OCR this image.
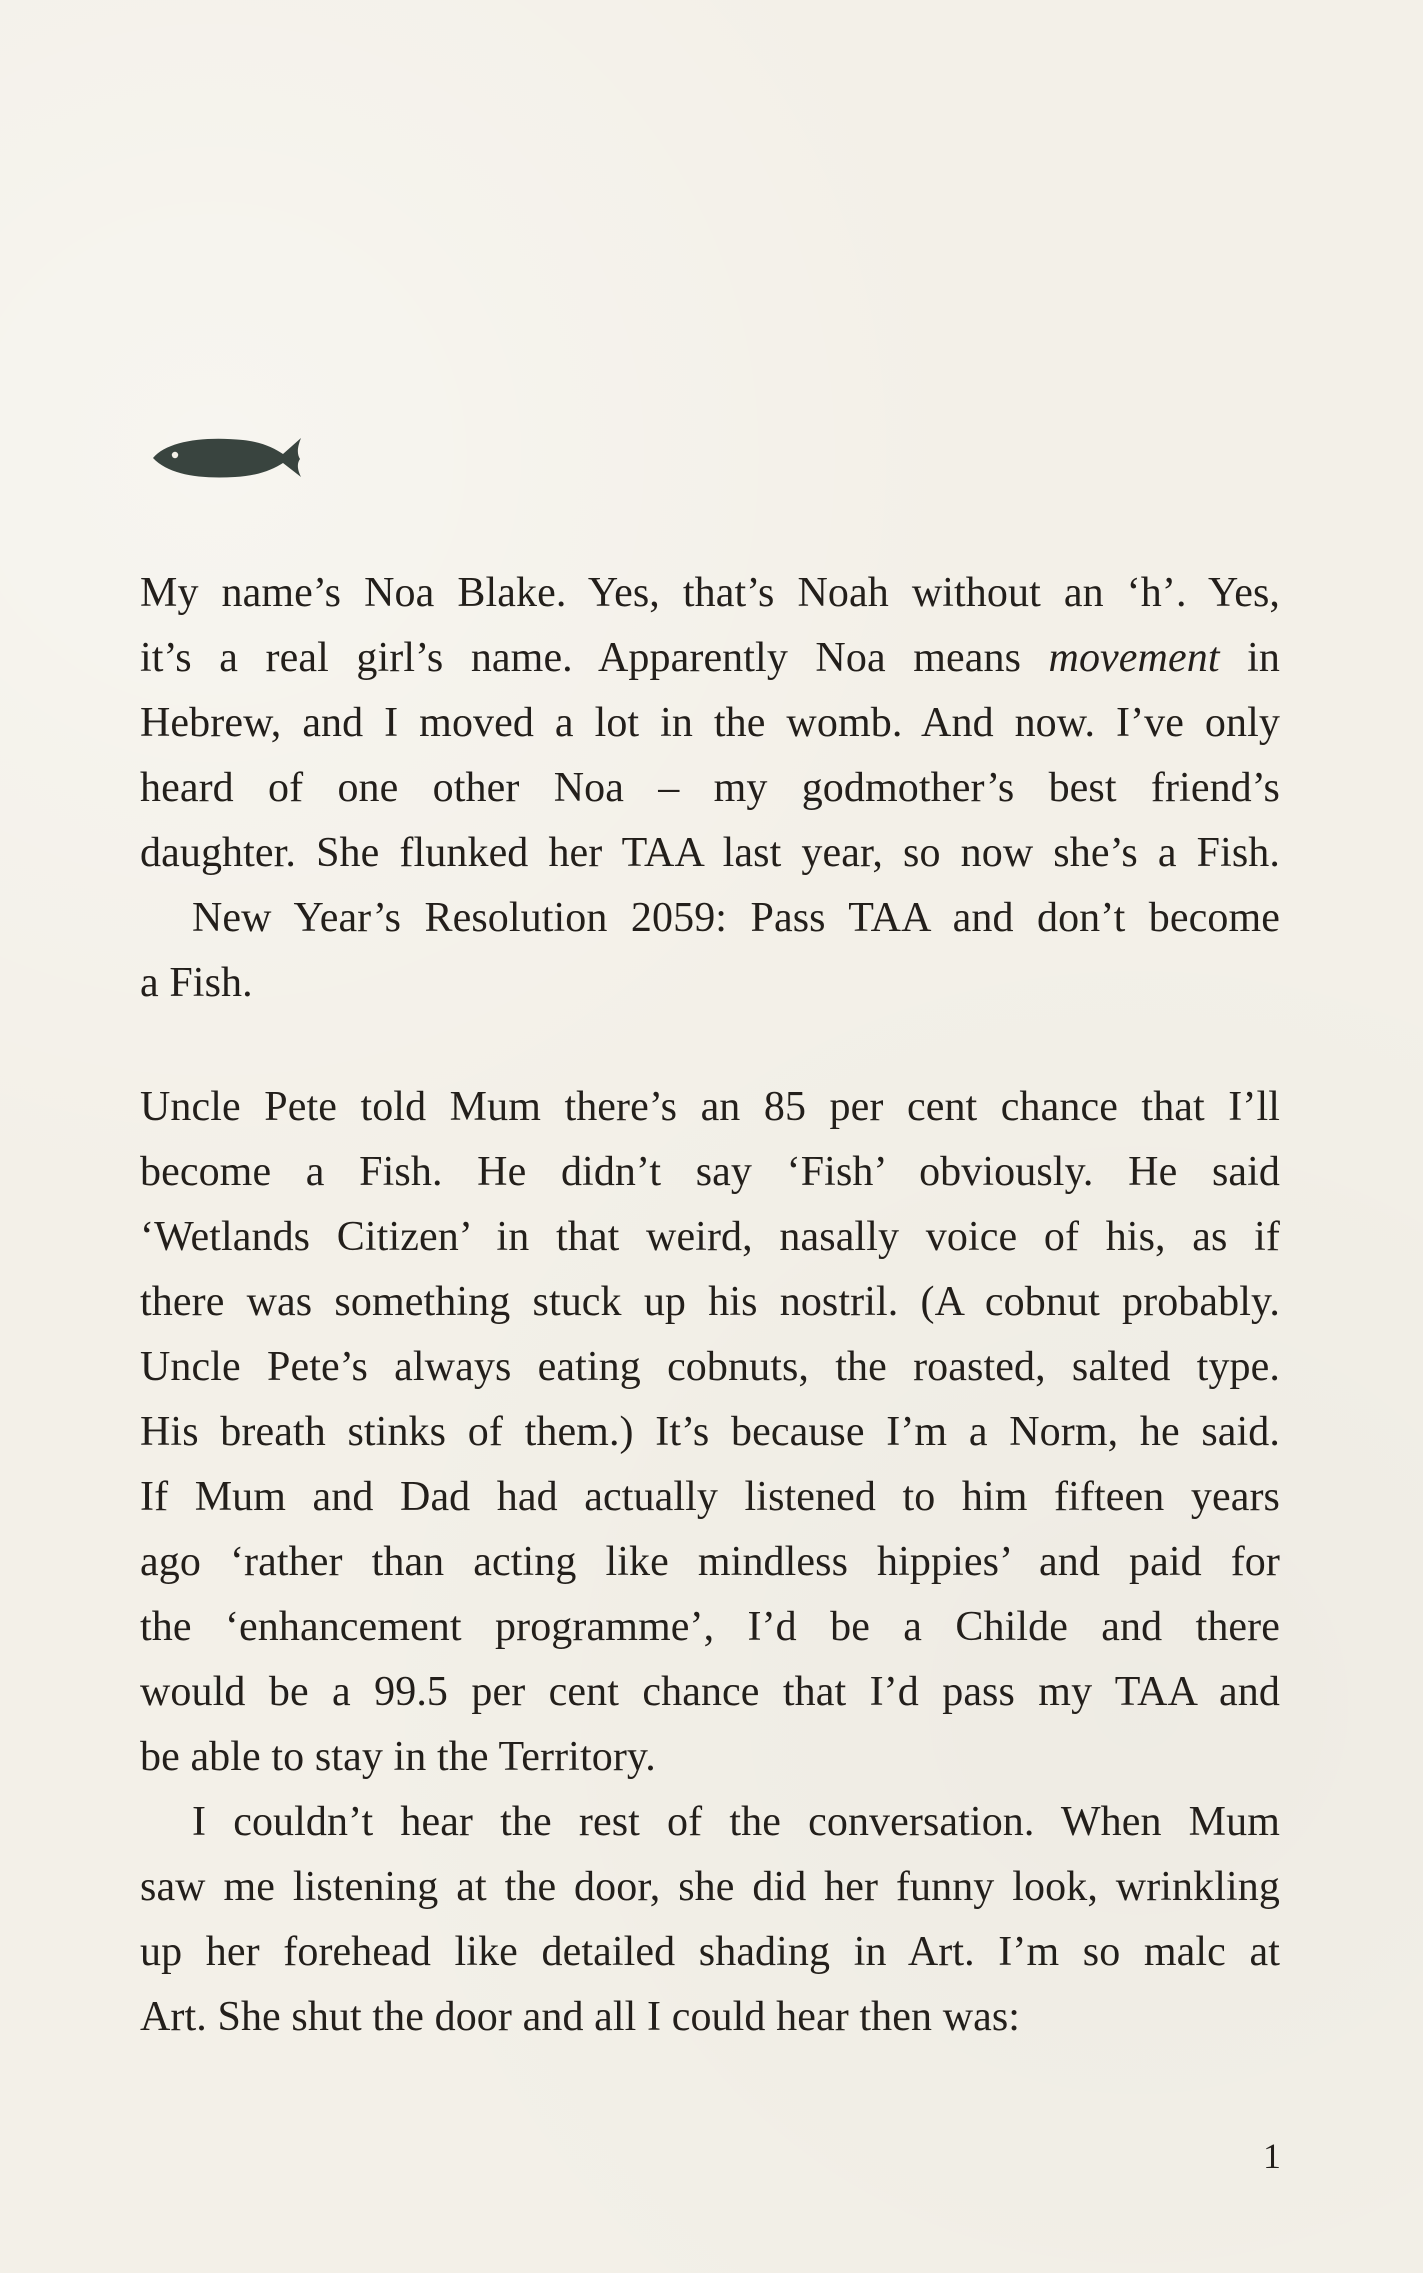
My name’s Noa Blake. Yes, that’s Noah without an ‘h’. Yes,
it’s a real girl’s name. Apparently Noa means movement in
Hebrew, and I moved a lot in the womb. And now. I’ve only
heard of one other Noa – my godmother’s best friend’s
daughter. She flunked her TAA last year, so now she’s a Fish.
New Year’s Resolution 2059: Pass TAA and don’t become
a Fish.
Uncle Pete told Mum there’s an 85 per cent chance that I’ll
become a Fish. He didn’t say ‘Fish’ obviously. He said
‘Wetlands Citizen’ in that weird, nasally voice of his, as if
there was something stuck up his nostril. (A cobnut probably.
Uncle Pete’s always eating cobnuts, the roasted, salted type.
His breath stinks of them.) It’s because I’m a Norm, he said.
If Mum and Dad had actually listened to him fifteen years
ago ‘rather than acting like mindless hippies’ and paid for
the ‘enhancement programme’, I’d be a Childe and there
would be a 99.5 per cent chance that I’d pass my TAA and
be able to stay in the Territory.
I couldn’t hear the rest of the conversation. When Mum
saw me listening at the door, she did her funny look, wrinkling
up her forehead like detailed shading in Art. I’m so malc at
Art. She shut the door and all I could hear then was:
1
